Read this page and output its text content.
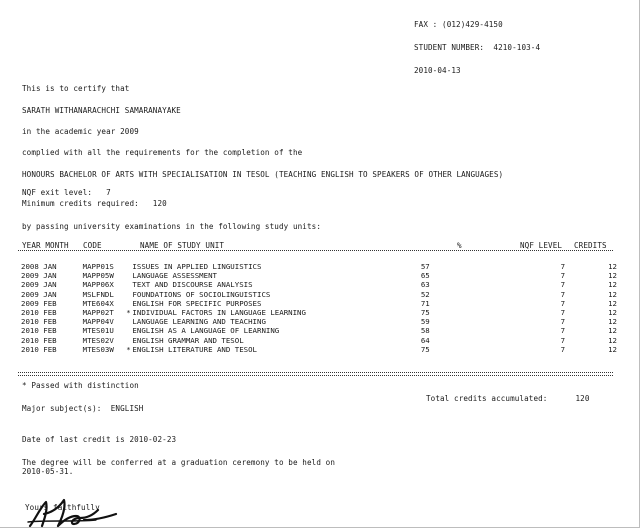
FAX : (012)429-4150
STUDENT NUMBER:  4210-103-4
2010-04-13
This is to certify that
SARATH WITHANARACHCHI SAMARANAYAKE
in the academic year 2009
complied with all the requirements for the completion of the
HONOURS BACHELOR OF ARTS WITH SPECIALISATION IN TESOL (TEACHING ENGLISH TO SPEAKERS OF OTHER LANGUAGES)
NQF exit level:   7
Minimum credits required:   120
by passing university examinations in the following study units:
YEAR MONTH CODE	NAME OF STUDY UNIT	%	NQF LEVEL CREDITS
2008 JAN	MAPP01S		ISSUES IN APPLIED LINGUISTICS	57	7	12
2009 JAN	MAPP05W		LANGUAGE ASSESSMENT	65	7	12
2009 JAN	MAPP06X		TEXT AND DISCOURSE ANALYSIS	63	7	12
2009 JAN	MSLFNDL		FOUNDATIONS OF SOCIOLINGUISTICS	52	7	12
2009 FEB	MTE604X		ENGLISH FOR SPECIFIC PURPOSES	71	7	12
2010 FEB	MAPP02T	*	INDIVIDUAL FACTORS IN LANGUAGE LEARNING	75	7	12
2010 FEB	MAPP04V		LANGUAGE LEARNING AND TEACHING	59	7	12
2010 FEB	MTES01U		ENGLISH AS A LANGUAGE OF LEARNING	58	7	12
2010 FEB	MTES02V		ENGLISH GRAMMAR AND TESOL	64	7	12
2010 FEB	MTES03W	*	ENGLISH LITERATURE AND TESOL	75	7	12
* Passed with distinction
Total credits accumulated:      120
Major subject(s):  ENGLISH
Date of last credit is 2010-02-23
The degree will be conferred at a graduation ceremony to be held on
2010-05-31.
Yours faithfully
